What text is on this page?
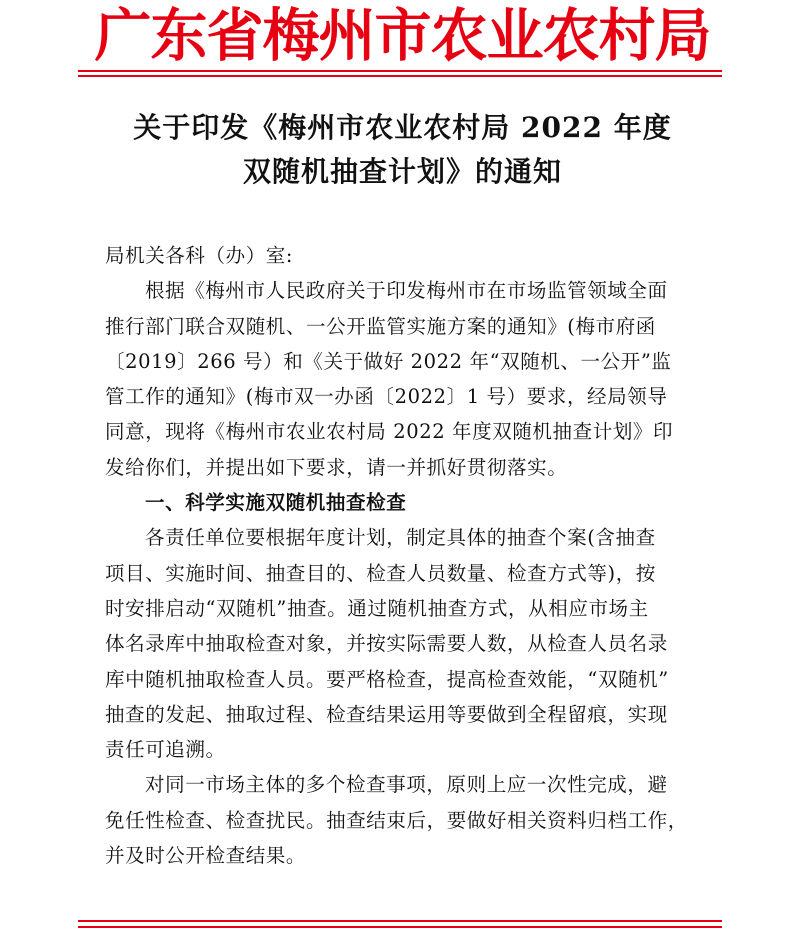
广东省梅州市农业农村局
关于印发《梅州市农业农村局 2022 年度
双随机抽查计划》的通知
局机关各科（办）室:
根据《梅州市人民政府关于印发梅州市在市场监管领域全面
推行部门联合双随机、一公开监管实施方案的通知》(梅市府函
〔2019〕266 号）和《关于做好 2022 年“双随机、一公开”监
管工作的通知》(梅市双一办函〔2022〕1 号）要求，经局领导
同意，现将《梅州市农业农村局 2022 年度双随机抽查计划》印
发给你们，并提出如下要求，请一并抓好贯彻落实。
一、科学实施双随机抽查检查
各责任单位要根据年度计划，制定具体的抽查个案(含抽查
项目、实施时间、抽查目的、检查人员数量、检查方式等)，按
时安排启动“双随机”抽查。通过随机抽查方式，从相应市场主
体名录库中抽取检查对象，并按实际需要人数，从检查人员名录
库中随机抽取检查人员。要严格检查，提高检查效能，“双随机”
抽查的发起、抽取过程、检查结果运用等要做到全程留痕，实现
责任可追溯。
对同一市场主体的多个检查事项，原则上应一次性完成，避
免任性检查、检查扰民。抽查结束后，要做好相关资料归档工作，
并及时公开检查结果。
